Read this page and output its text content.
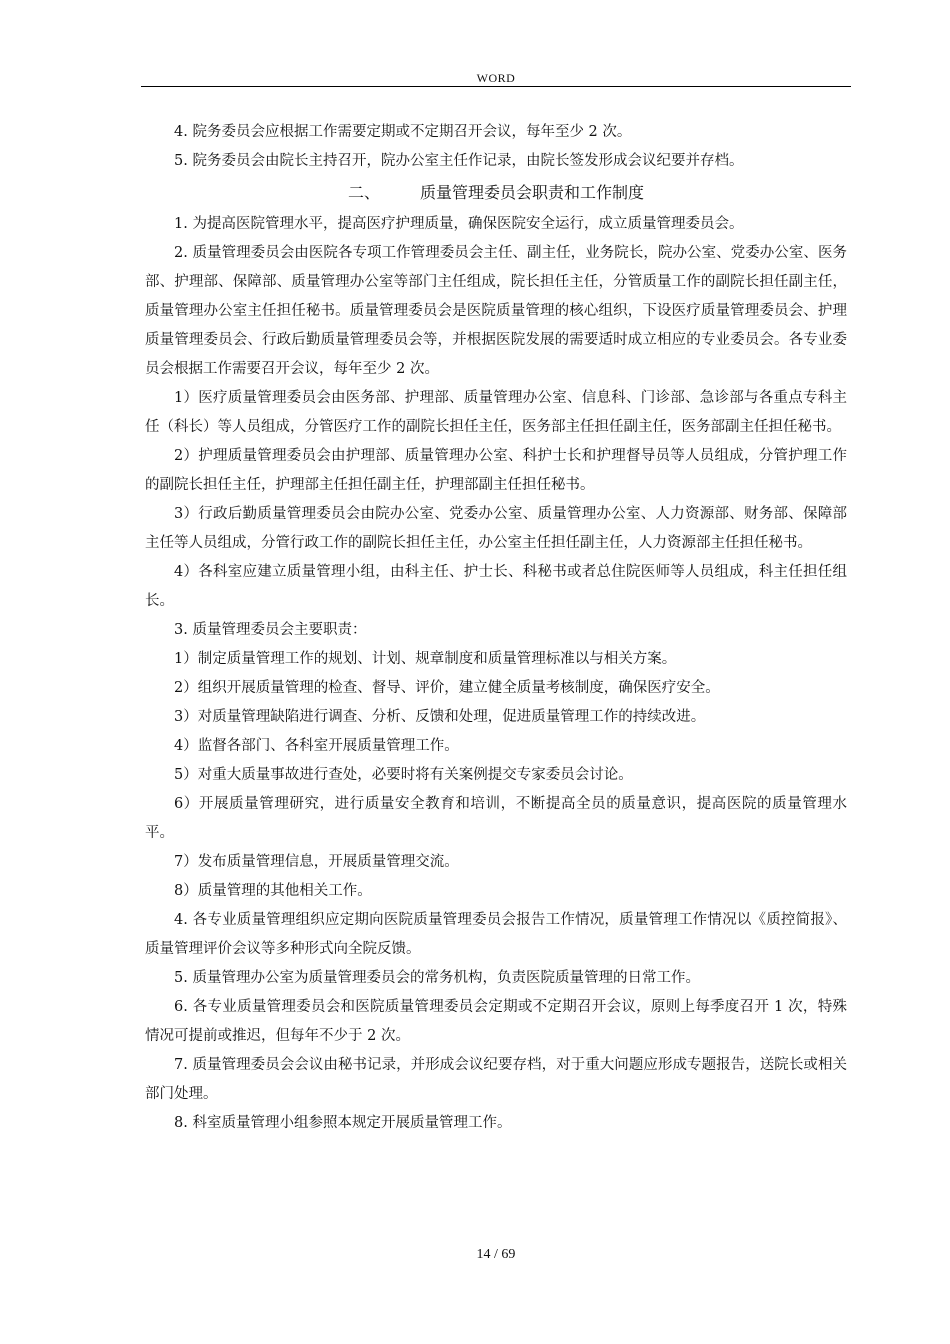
WORD

4. 院务委员会应根据工作需要定期或不定期召开会议，每年至少 2 次。

5. 院务委员会由院长主持召开，院办公室主任作记录，由院长签发形成会议纪要并存档。

二、	质量管理委员会职责和工作制度

1. 为提高医院管理水平，提高医疗护理质量，确保医院安全运行，成立质量管理委员会。

2. 质量管理委员会由医院各专项工作管理委员会主任、副主任，业务院长，院办公室、党委办公室、医务部、护理部、保障部、质量管理办公室等部门主任组成，院长担任主任，分管质量工作的副院长担任副主任，质量管理办公室主任担任秘书。质量管理委员会是医院质量管理的核心组织，下设医疗质量管理委员会、护理质量管理委员会、行政后勤质量管理委员会等，并根据医院发展的需要适时成立相应的专业委员会。各专业委员会根据工作需要召开会议，每年至少 2 次。

1）医疗质量管理委员会由医务部、护理部、质量管理办公室、信息科、门诊部、急诊部与各重点专科主任（科长）等人员组成，分管医疗工作的副院长担任主任，医务部主任担任副主任，医务部副主任担任秘书。

2）护理质量管理委员会由护理部、质量管理办公室、科护士长和护理督导员等人员组成，分管护理工作的副院长担任主任，护理部主任担任副主任，护理部副主任担任秘书。

3）行政后勤质量管理委员会由院办公室、党委办公室、质量管理办公室、人力资源部、财务部、保障部主任等人员组成，分管行政工作的副院长担任主任，办公室主任担任副主任，人力资源部主任担任秘书。

4）各科室应建立质量管理小组，由科主任、护士长、科秘书或者总住院医师等人员组成，科主任担任组长。

3. 质量管理委员会主要职责：

1）制定质量管理工作的规划、计划、规章制度和质量管理标准以与相关方案。

2）组织开展质量管理的检查、督导、评价，建立健全质量考核制度，确保医疗安全。

3）对质量管理缺陷进行调查、分析、反馈和处理，促进质量管理工作的持续改进。

4）监督各部门、各科室开展质量管理工作。

5）对重大质量事故进行查处，必要时将有关案例提交专家委员会讨论。

6）开展质量管理研究，进行质量安全教育和培训，不断提高全员的质量意识，提高医院的质量管理水平。

7）发布质量管理信息，开展质量管理交流。

8）质量管理的其他相关工作。

4. 各专业质量管理组织应定期向医院质量管理委员会报告工作情况，质量管理工作情况以《质控简报》、质量管理评价会议等多种形式向全院反馈。

5. 质量管理办公室为质量管理委员会的常务机构，负责医院质量管理的日常工作。

6. 各专业质量管理委员会和医院质量管理委员会定期或不定期召开会议，原则上每季度召开 1 次，特殊情况可提前或推迟，但每年不少于 2 次。

7. 质量管理委员会会议由秘书记录，并形成会议纪要存档，对于重大问题应形成专题报告，送院长或相关部门处理。

8. 科室质量管理小组参照本规定开展质量管理工作。

14 / 69
